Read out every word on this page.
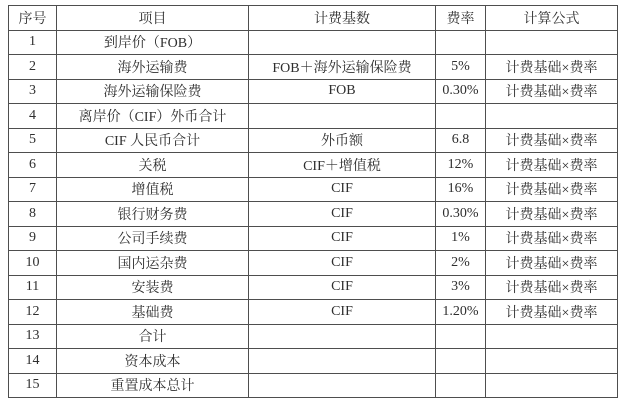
序号	项目	计费基数	费率	计算公式
1	到岸价（FOB）			
2	海外运输费	FOB＋海外运输保险费	5%	计费基础×费率
3	海外运输保险费	FOB	0.30%	计费基础×费率
4	离岸价（CIF）外币合计			
5	CIF 人民币合计	外币额	6.8	计费基础×费率
6	关税	CIF＋增值税	12%	计费基础×费率
7	增值税	CIF	16%	计费基础×费率
8	银行财务费	CIF	0.30%	计费基础×费率
9	公司手续费	CIF	1%	计费基础×费率
10	国内运杂费	CIF	2%	计费基础×费率
11	安装费	CIF	3%	计费基础×费率
12	基础费	CIF	1.20%	计费基础×费率
13	合计			
14	资本成本			
15	重置成本总计			
